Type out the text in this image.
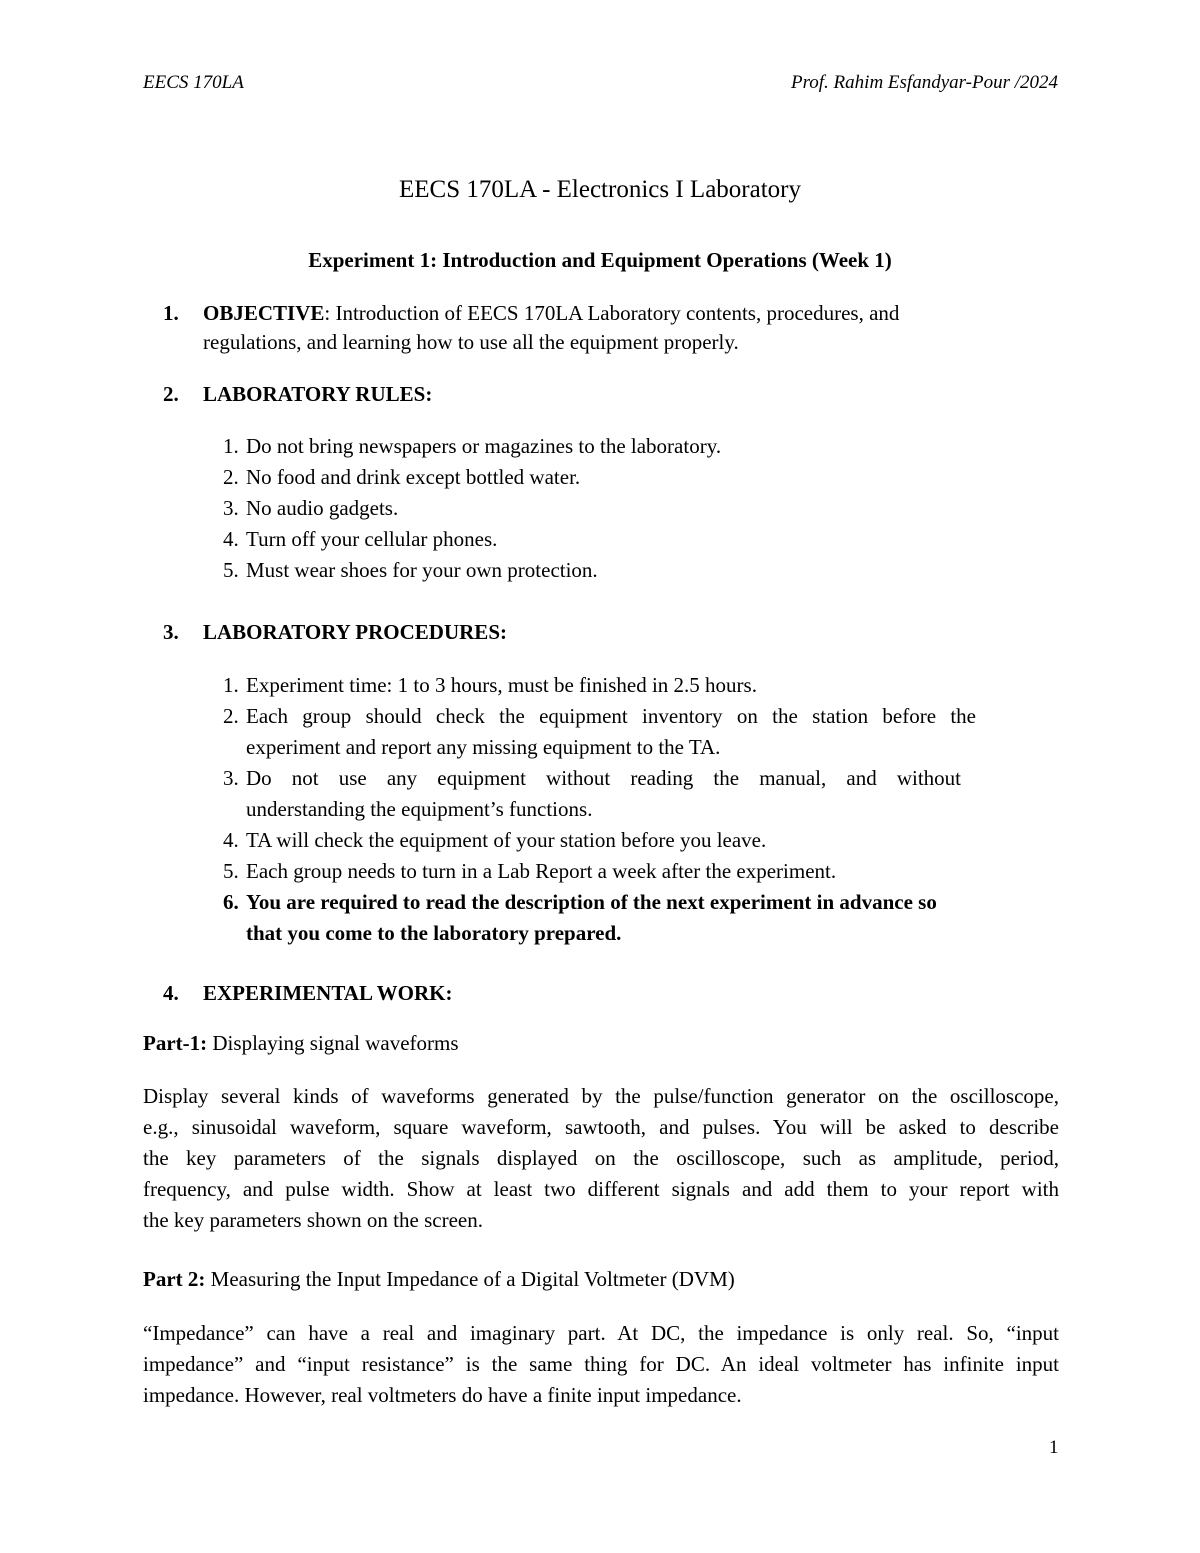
EECS 170LA	Prof. Rahim Esfandyar-Pour /2024
EECS 170LA - Electronics I Laboratory
Experiment 1: Introduction and Equipment Operations (Week 1)
1. OBJECTIVE: Introduction of EECS 170LA Laboratory contents, procedures, and
regulations, and learning how to use all the equipment properly.
2. LABORATORY RULES:
1. Do not bring newspapers or magazines to the laboratory.
2. No food and drink except bottled water.
3. No audio gadgets.
4. Turn off your cellular phones.
5. Must wear shoes for your own protection.
3. LABORATORY PROCEDURES:
1. Experiment time: 1 to 3 hours, must be finished in 2.5 hours.
2. Each group should check the equipment inventory on the station before the
experiment and report any missing equipment to the TA.
3. Do not use any equipment without reading the manual, and without
understanding the equipment’s functions.
4. TA will check the equipment of your station before you leave.
5. Each group needs to turn in a Lab Report a week after the experiment.
6. You are required to read the description of the next experiment in advance so
that you come to the laboratory prepared.
4. EXPERIMENTAL WORK:
Part-1: Displaying signal waveforms
Display several kinds of waveforms generated by the pulse/function generator on the oscilloscope,
e.g., sinusoidal waveform, square waveform, sawtooth, and pulses. You will be asked to describe
the key parameters of the signals displayed on the oscilloscope, such as amplitude, period,
frequency, and pulse width. Show at least two different signals and add them to your report with
the key parameters shown on the screen.
Part 2: Measuring the Input Impedance of a Digital Voltmeter (DVM)
“Impedance” can have a real and imaginary part. At DC, the impedance is only real. So, “input
impedance” and “input resistance” is the same thing for DC. An ideal voltmeter has infinite input
impedance. However, real voltmeters do have a finite input impedance.
1
